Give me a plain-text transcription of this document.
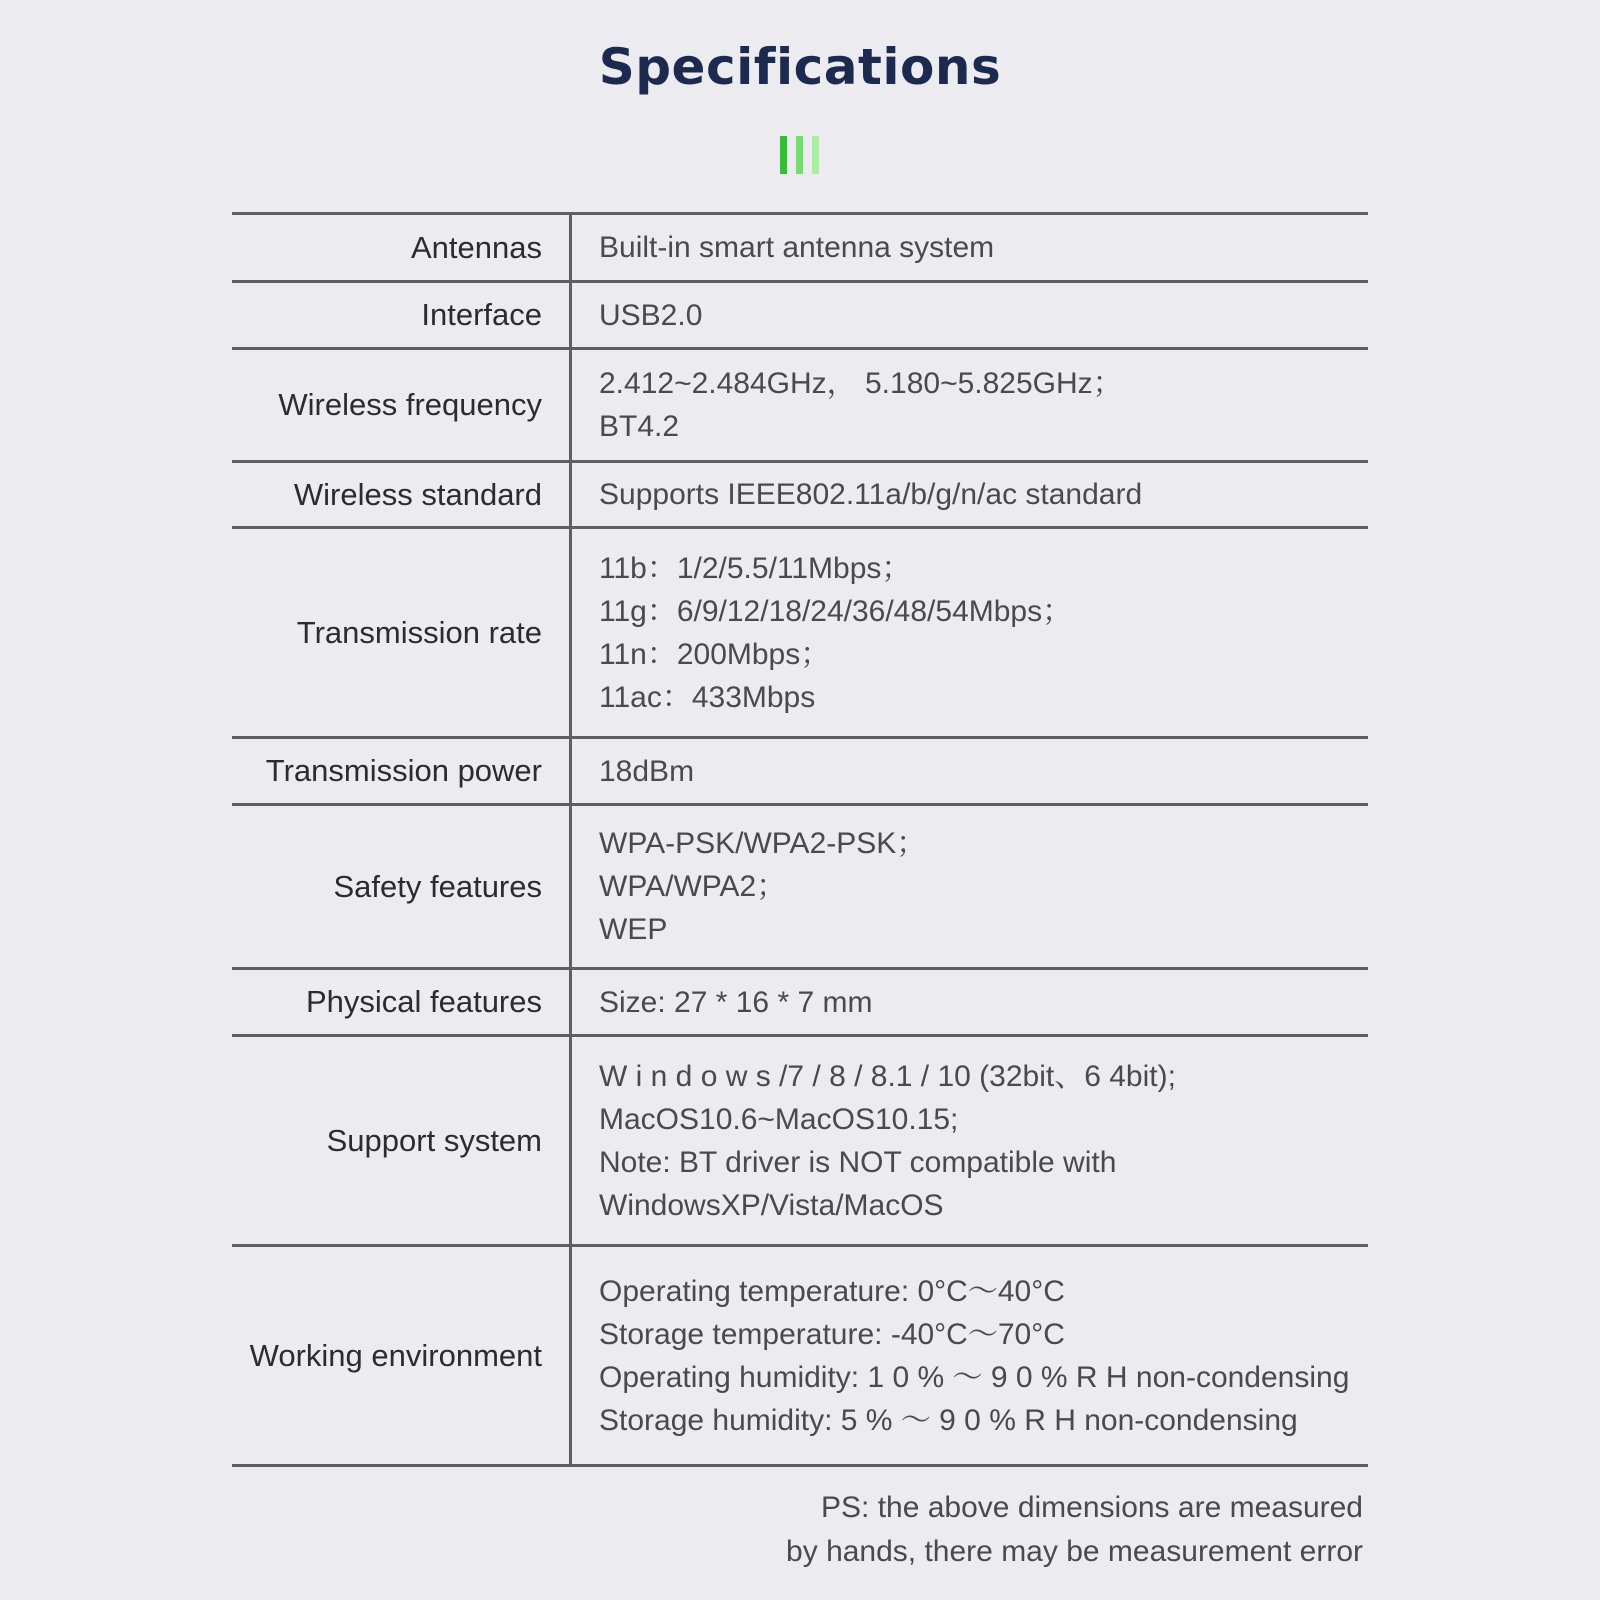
Specifications
Antennas	Built-in smart antenna system

Interface	USB2.0

Wireless frequency	2.412~2.484GHz， 5.180~5.825GHz；
BT4.2

Wireless standard	Supports IEEE802.11a/b/g/n/ac standard

Transmission rate	11b：1/2/5.5/11Mbps；
11g：6/9/12/18/24/36/48/54Mbps；
11n：200Mbps；
11ac：433Mbps

Transmission power	18dBm

Safety features	WPA-PSK/WPA2-PSK；
WPA/WPA2；
WEP

Physical features	Size: 27 * 16 * 7 mm

Support system	W i n d o w s /7 / 8 / 8.1 / 10 (32bit、6 4bit);
MacOS10.6~MacOS10.15;
Note: BT driver is NOT compatible with
WindowsXP/Vista/MacOS

Working environment	Operating temperature: 0°C～40°C
Storage temperature: -40°C～70°C
Operating humidity: 1 0 % ～ 9 0 % R H non-condensing
Storage humidity: 5 % ～ 9 0 % R H non-condensing
PS: the above dimensions are measured
by hands, there may be measurement error
